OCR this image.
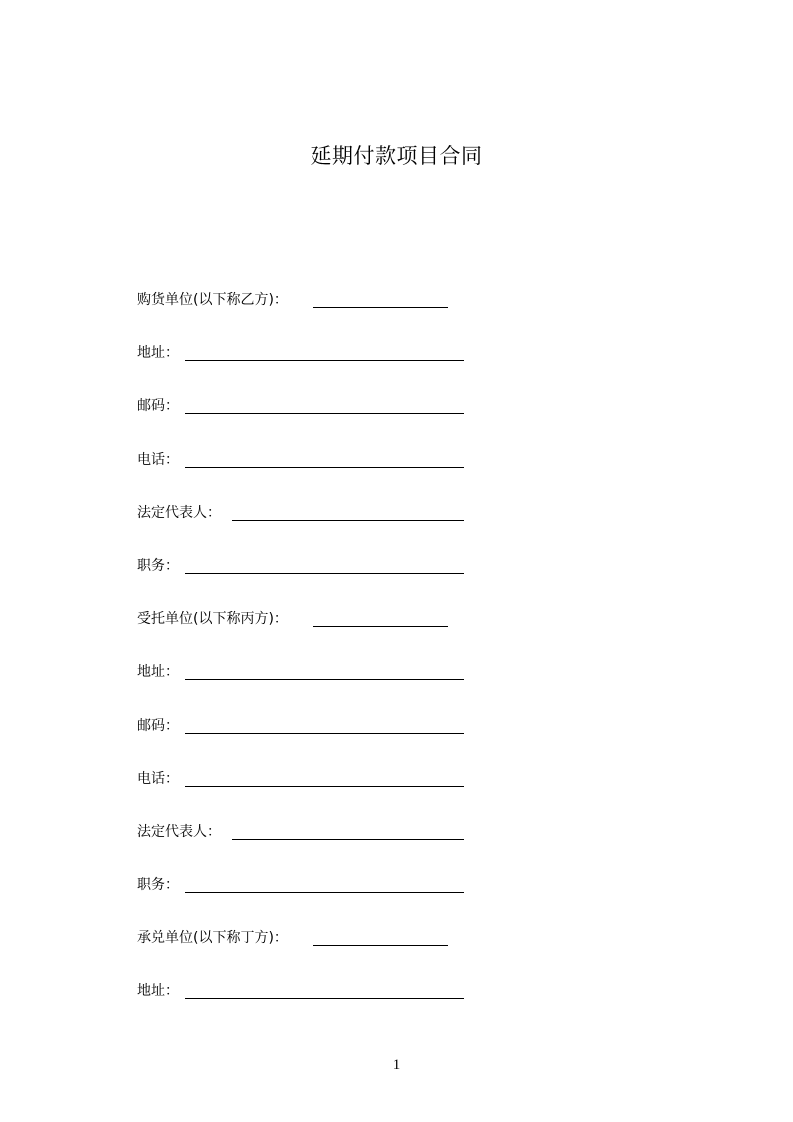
延期付款项目合同
购货单位(以下称乙方)：
地址：
邮码：
电话：
法定代表人：
职务：
受托单位(以下称丙方)：
地址：
邮码：
电话：
法定代表人：
职务：
承兑单位(以下称丁方)：
地址：
1
